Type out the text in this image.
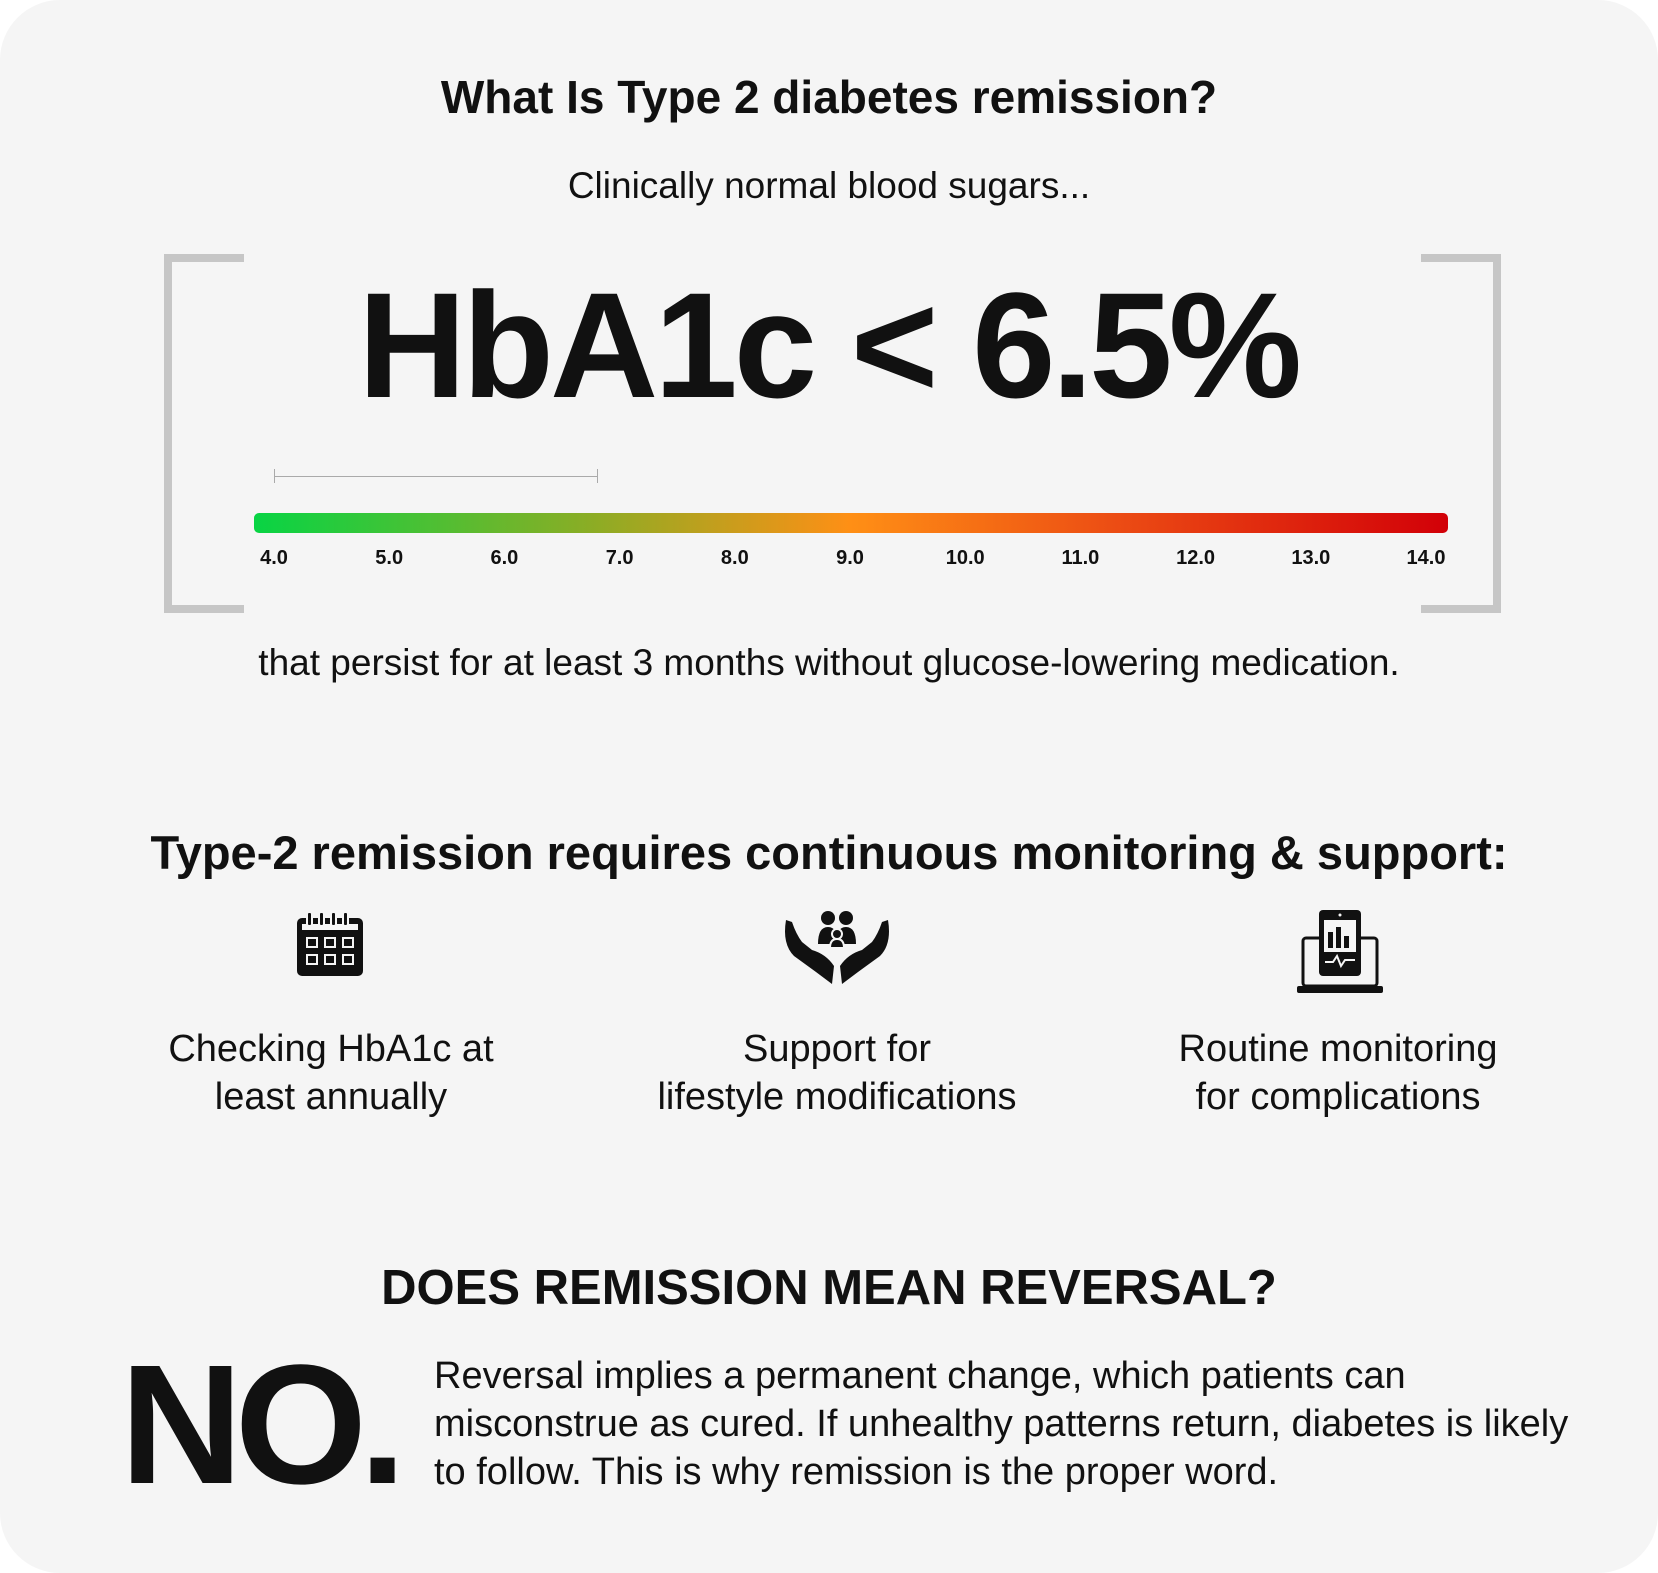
What Is Type 2 diabetes remission?
Clinically normal blood sugars...
HbA1c < 6.5%
4.0	5.0	6.0	7.0	8.0	9.0	10.0	11.0	12.0	13.0	14.0
that persist for at least 3 months without glucose-lowering medication.
Type-2 remission requires continuous monitoring & support:
Checking HbA1c at
least annually
Support for
lifestyle modifications
Routine monitoring
for complications
DOES REMISSION MEAN REVERSAL?
NO. Reversal implies a permanent change, which patients can misconstrue as cured. If unhealthy patterns return, diabetes is likely to follow. This is why remission is the proper word.
